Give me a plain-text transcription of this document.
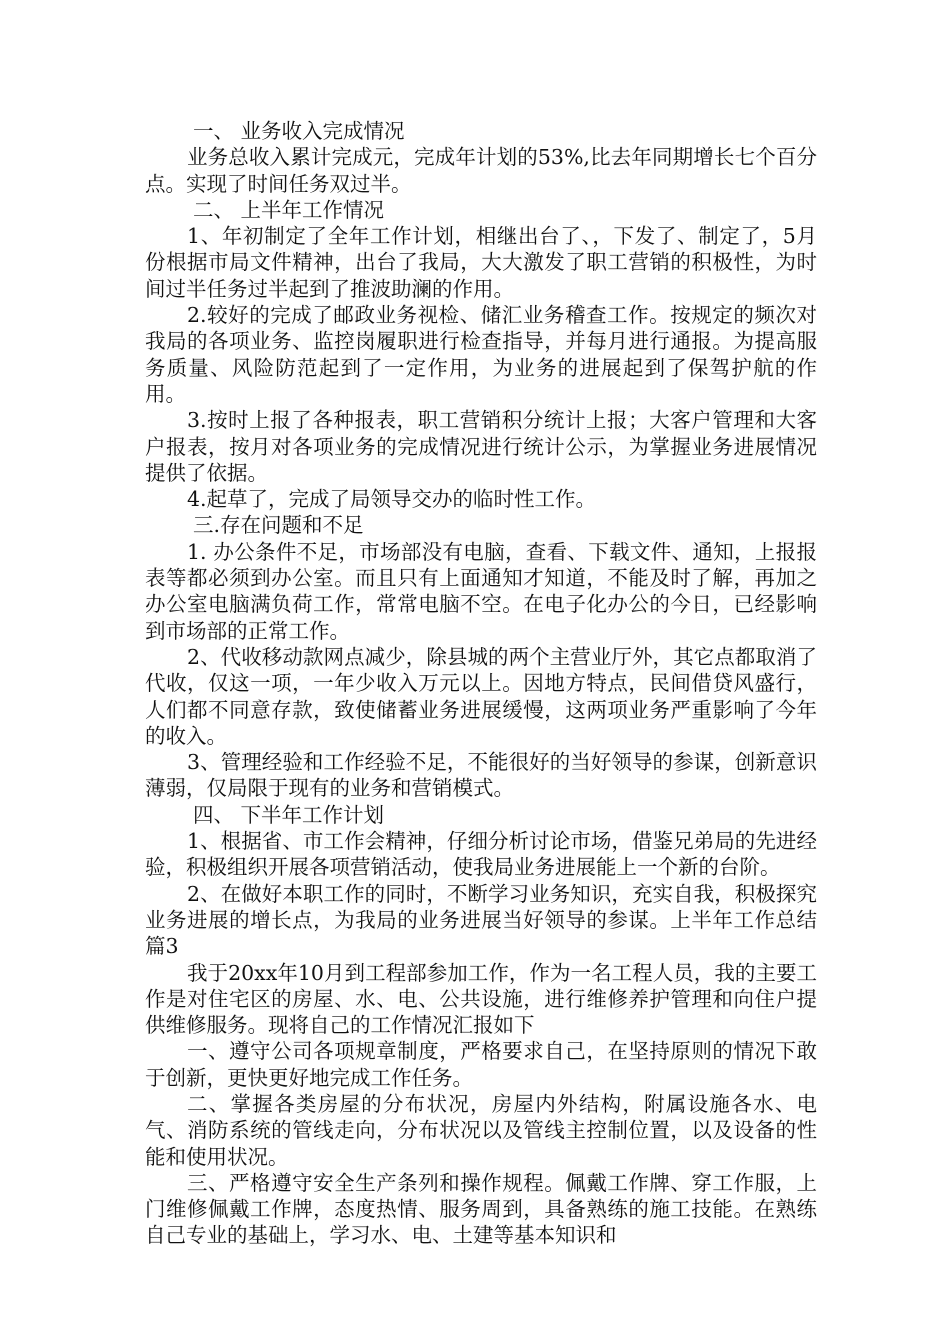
一、 业务收入完成情况

业务总收入累计完成元，完成年计划的53%,比去年同期增长七个百分点。实现了时间任务双过半。

二、 上半年工作情况

1、年初制定了全年工作计划，相继出台了、，下发了、制定了，5月份根据市局文件精神，出台了我局，大大激发了职工营销的积极性，为时间过半任务过半起到了推波助澜的作用。

2.较好的完成了邮政业务视检、储汇业务稽查工作。按规定的频次对我局的各项业务、监控岗履职进行检查指导，并每月进行通报。为提高服务质量、风险防范起到了一定作用，为业务的进展起到了保驾护航的作用。

3.按时上报了各种报表，职工营销积分统计上报；大客户管理和大客户报表，按月对各项业务的完成情况进行统计公示，为掌握业务进展情况提供了依据。

4.起草了，完成了局领导交办的临时性工作。

三.存在问题和不足

1. 办公条件不足，市场部没有电脑，查看、下载文件、通知，上报报表等都必须到办公室。而且只有上面通知才知道，不能及时了解，再加之办公室电脑满负荷工作，常常电脑不空。在电子化办公的今日，已经影响到市场部的正常工作。

2、代收移动款网点减少，除县城的两个主营业厅外，其它点都取消了代收，仅这一项，一年少收入万元以上。因地方特点，民间借贷风盛行，人们都不同意存款，致使储蓄业务进展缓慢，这两项业务严重影响了今年的收入。

3、管理经验和工作经验不足，不能很好的当好领导的参谋，创新意识薄弱，仅局限于现有的业务和营销模式。

四、 下半年工作计划

1、根据省、市工作会精神，仔细分析讨论市场，借鉴兄弟局的先进经验，积极组织开展各项营销活动，使我局业务进展能上一个新的台阶。

2、在做好本职工作的同时，不断学习业务知识，充实自我，积极探究业务进展的增长点，为我局的业务进展当好领导的参谋。上半年工作总结 篇3

我于20xx年10月到工程部参加工作，作为一名工程人员，我的主要工作是对住宅区的房屋、水、电、公共设施，进行维修养护管理和向住户提供维修服务。现将自己的工作情况汇报如下

一、遵守公司各项规章制度，严格要求自己，在坚持原则的情况下敢于创新，更快更好地完成工作任务。

二、掌握各类房屋的分布状况，房屋内外结构，附属设施各水、电气、消防系统的管线走向，分布状况以及管线主控制位置，以及设备的性能和使用状况。

三、严格遵守安全生产条列和操作规程。佩戴工作牌、穿工作服，上门维修佩戴工作牌，态度热情、服务周到，具备熟练的施工技能。在熟练自己专业的基础上，学习水、电、土建等基本知识和
